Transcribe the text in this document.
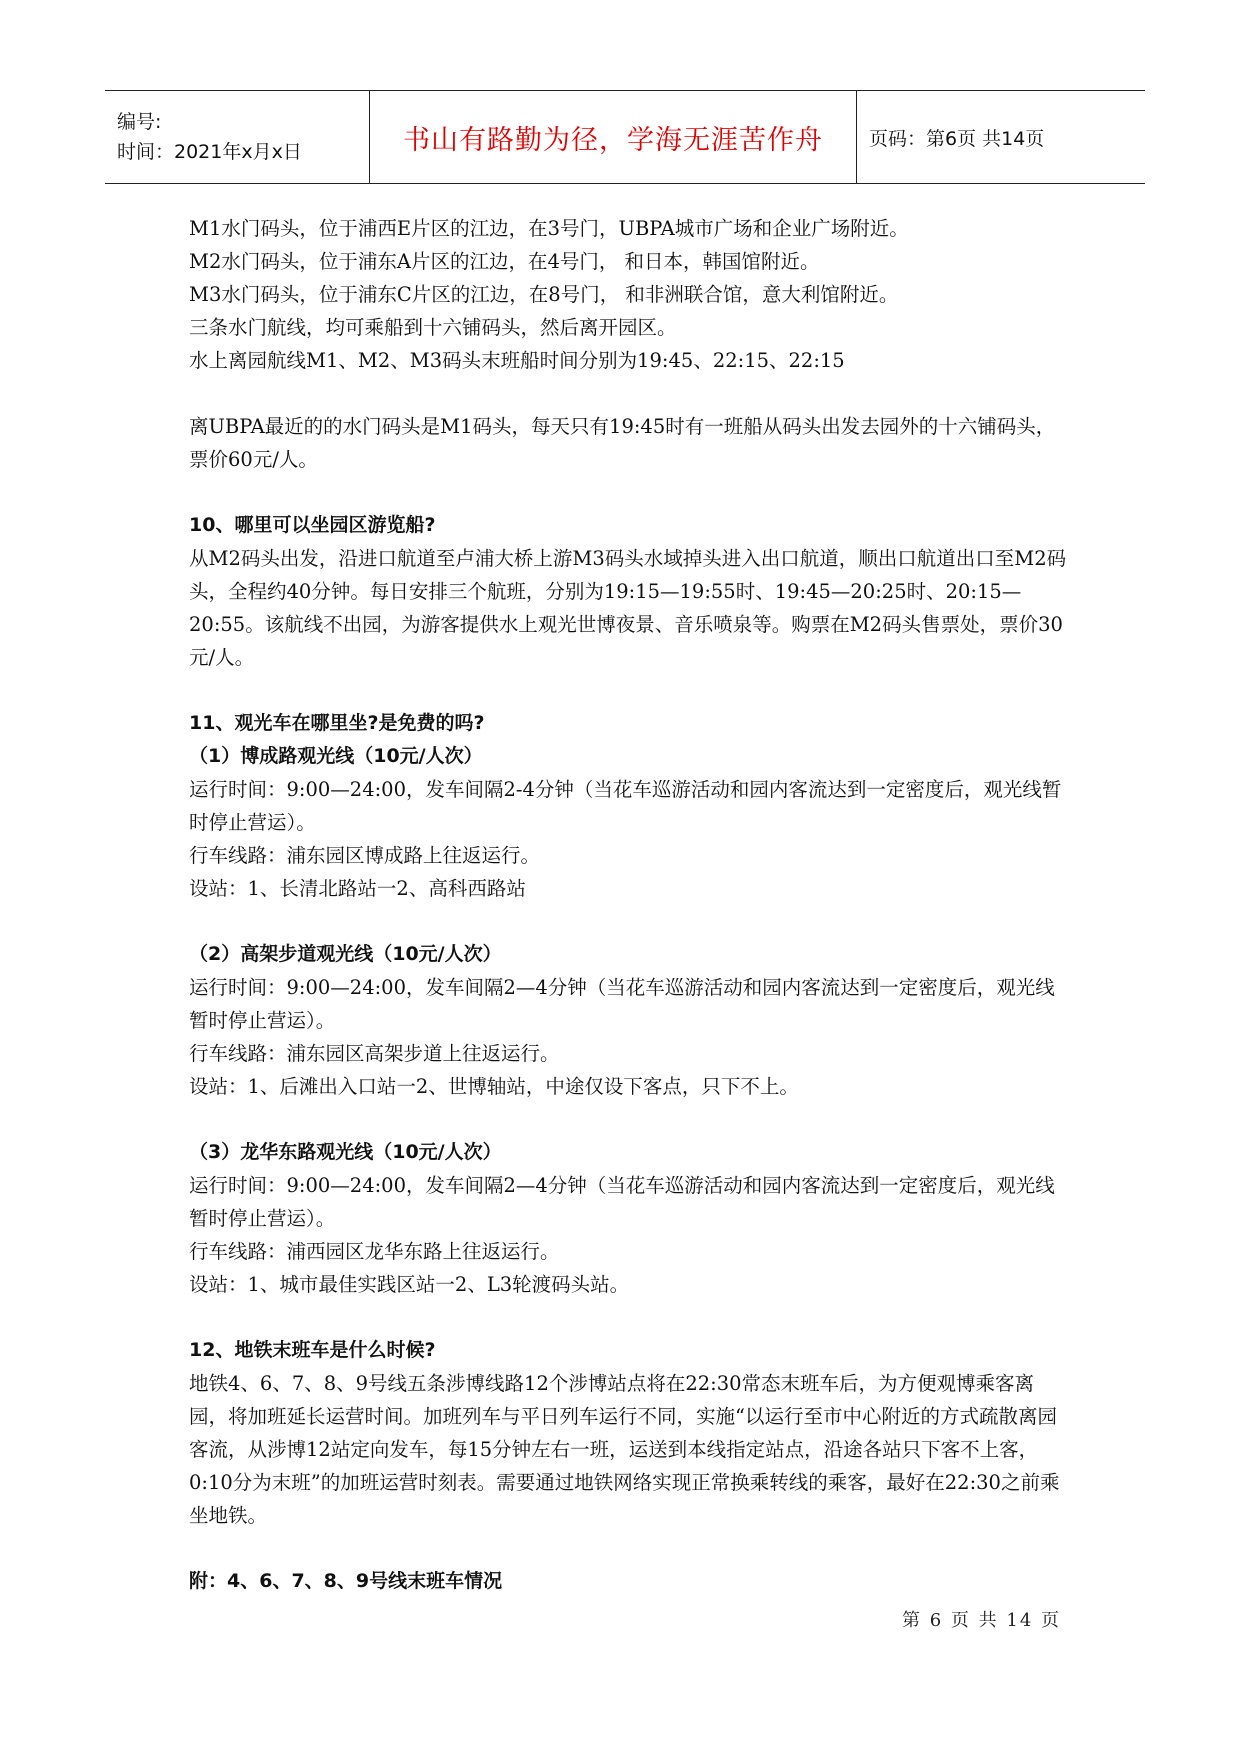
编号:
时间：2021年x月x日	书山有路勤为径，学海无涯苦作舟 页码：第6页 共14页

M1水门码头，位于浦西E片区的江边，在3号门，UBPA城市广场和企业广场附近。

M2水门码头，位于浦东A片区的江边，在4号门， 和日本，韩国馆附近。

M3水门码头，位于浦东C片区的江边，在8号门， 和非洲联合馆，意大利馆附近。

三条水门航线，均可乘船到十六铺码头，然后离开园区。

水上离园航线M1、M2、M3码头末班船时间分别为19:45、22:15、22:15

离UBPA最近的的水门码头是M1码头，每天只有19:45时有一班船从码头出发去园外的十六铺码头，票价60元/人。

10、哪里可以坐园区游览船?

从M2码头出发，沿进口航道至卢浦大桥上游M3码头水域掉头进入出口航道，顺出口航道出口至M2码头，全程约40分钟。每日安排三个航班，分别为19:15—19:55时、19:45—20:25时、20:15—20:55。该航线不出园，为游客提供水上观光世博夜景、音乐喷泉等。购票在M2码头售票处，票价30元/人。

11、观光车在哪里坐?是免费的吗?

（1）博成路观光线（10元/人次）

运行时间：9:00—24:00，发车间隔2-4分钟（当花车巡游活动和园内客流达到一定密度后，观光线暂时停止营运）。

行车线路：浦东园区博成路上往返运行。

设站：1、长清北路站一2、高科西路站

（2）高架步道观光线（10元/人次）

运行时间：9:00—24:00，发车间隔2—4分钟（当花车巡游活动和园内客流达到一定密度后，观光线暂时停止营运）。

行车线路：浦东园区高架步道上往返运行。

设站：1、后滩出入口站一2、世博轴站，中途仅设下客点，只下不上。

（3）龙华东路观光线（10元/人次）

运行时间：9:00—24:00，发车间隔2—4分钟（当花车巡游活动和园内客流达到一定密度后，观光线暂时停止营运）。

行车线路：浦西园区龙华东路上往返运行。

设站：1、城市最佳实践区站一2、L3轮渡码头站。

12、地铁末班车是什么时候?

地铁4、6、7、8、9号线五条涉博线路12个涉博站点将在22:30常态末班车后，为方便观博乘客离园，将加班延长运营时间。加班列车与平日列车运行不同，实施“以运行至市中心附近的方式疏散离园客流，从涉博12站定向发车，每15分钟左右一班，运送到本线指定站点，沿途各站只下客不上客，0:10分为末班”的加班运营时刻表。需要通过地铁网络实现正常换乘转线的乘客，最好在22:30之前乘坐地铁。

附：4、6、7、8、9号线末班车情况

第 6 页 共 14 页
